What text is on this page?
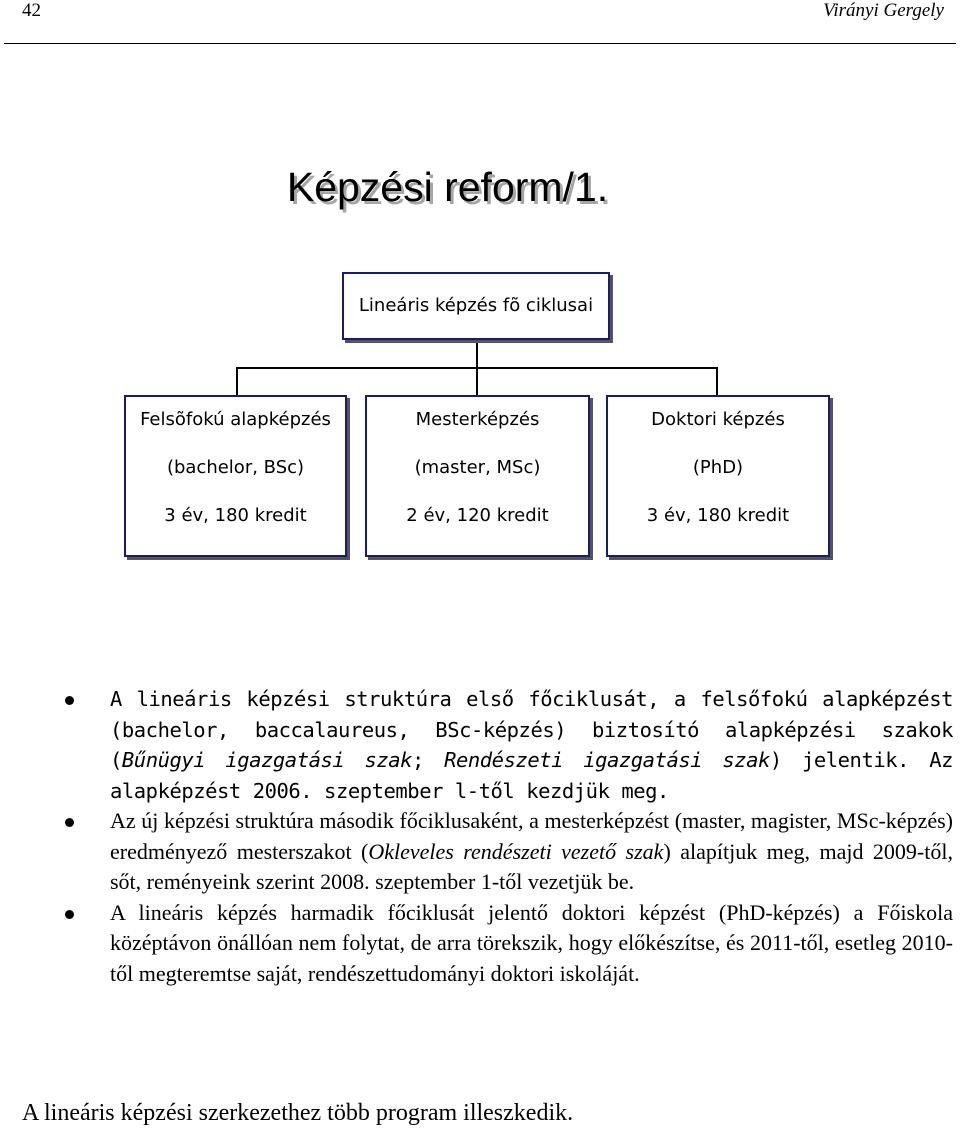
42	Virányi Gergely
Képzési reform/1.
Lineáris képzés fõ ciklusai
Felsõfokú alapképzés
(bachelor, BSc)
3 év, 180 kredit
Mesterképzés
(master, MSc)
2 év, 120 kredit
Doktori képzés
(PhD)
3 év, 180 kredit
A lineáris képzési struktúra első főciklusát, a felsőfokú alapképzést (bachelor, baccalaureus, BSc-képzés) biztosító alapképzési szakok (Bűnügyi igazgatási szak; Rendészeti igazgatási szak) jelentik. Az alapképzést 2006. szeptember l-től kezdjük meg.
Az új képzési struktúra második főciklusaként, a mesterképzést (master, magister, MSc-képzés) eredményező mesterszakot (Okleveles rendészeti vezető szak) alapítjuk meg, majd 2009-től, sőt, reményeink szerint 2008. szeptember 1-től vezetjük be.
A lineáris képzés harmadik főciklusát jelentő doktori képzést (PhD-képzés) a Főiskola középtávon önállóan nem folytat, de arra törekszik, hogy előkészítse, és 2011-től, esetleg 2010-től megteremtse saját, rendészettudományi doktori iskoláját.
A lineáris képzési szerkezethez több program illeszkedik.
